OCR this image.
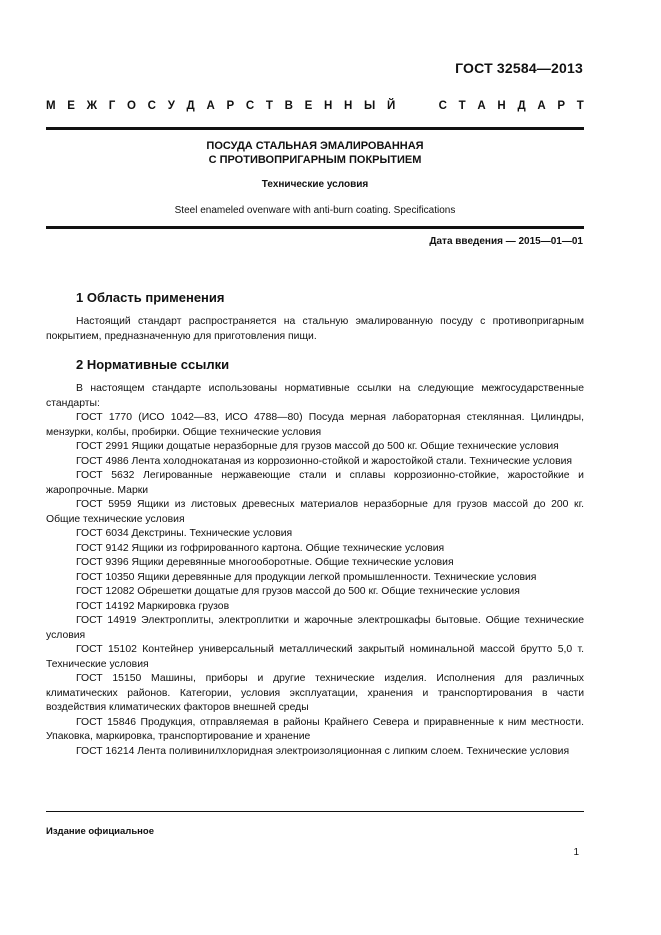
ГОСТ 32584—2013
М Е Ж Г О С У Д А Р С Т В Е Н Н Ы Й	С Т А Н Д А Р Т
ПОСУДА СТАЛЬНАЯ ЭМАЛИРОВАННАЯ
С ПРОТИВОПРИГАРНЫМ ПОКРЫТИЕМ
Технические условия
Steel enameled ovenware with anti-burn coating. Specifications
Дата введения — 2015—01—01
1 Область применения

Настоящий стандарт распространяется на стальную эмалированную посуду с противопригарным покрытием, предназначенную для приготовления пищи.

2 Нормативные ссылки

В настоящем стандарте использованы нормативные ссылки на следующие межгосударственные стандарты:

ГОСТ 1770 (ИСО 1042—83, ИСО 4788—80) Посуда мерная лабораторная стеклянная. Цилиндры, мензурки, колбы, пробирки. Общие технические условия

ГОСТ 2991 Ящики дощатые неразборные для грузов массой до 500 кг. Общие технические условия

ГОСТ 4986 Лента холоднокатаная из коррозионно-стойкой и жаростойкой стали. Технические условия

ГОСТ 5632 Легированные нержавеющие стали и сплавы коррозионно-стойкие, жаростойкие и жаропрочные. Марки

ГОСТ 5959 Ящики из листовых древесных материалов неразборные для грузов массой до 200 кг. Общие технические условия

ГОСТ 6034 Декстрины. Технические условия

ГОСТ 9142 Ящики из гофрированного картона. Общие технические условия

ГОСТ 9396 Ящики деревянные многооборотные. Общие технические условия

ГОСТ 10350 Ящики деревянные для продукции легкой промышленности. Технические условия

ГОСТ 12082 Обрешетки дощатые для грузов массой до 500 кг. Общие технические условия

ГОСТ 14192 Маркировка грузов

ГОСТ 14919 Электроплиты, электроплитки и жарочные электрошкафы бытовые. Общие технические условия

ГОСТ 15102 Контейнер универсальный металлический закрытый номинальной массой брутто 5,0 т. Технические условия

ГОСТ 15150 Машины, приборы и другие технические изделия. Исполнения для различных климатических районов. Категории, условия эксплуатации, хранения и транспортирования в части воздействия климатических факторов внешней среды

ГОСТ 15846 Продукция, отправляемая в районы Крайнего Севера и приравненные к ним местности. Упаковка, маркировка, транспортирование и хранение

ГОСТ 16214 Лента поливинилхлоридная электроизоляционная с липким слоем. Технические условия

Издание официальное
1
